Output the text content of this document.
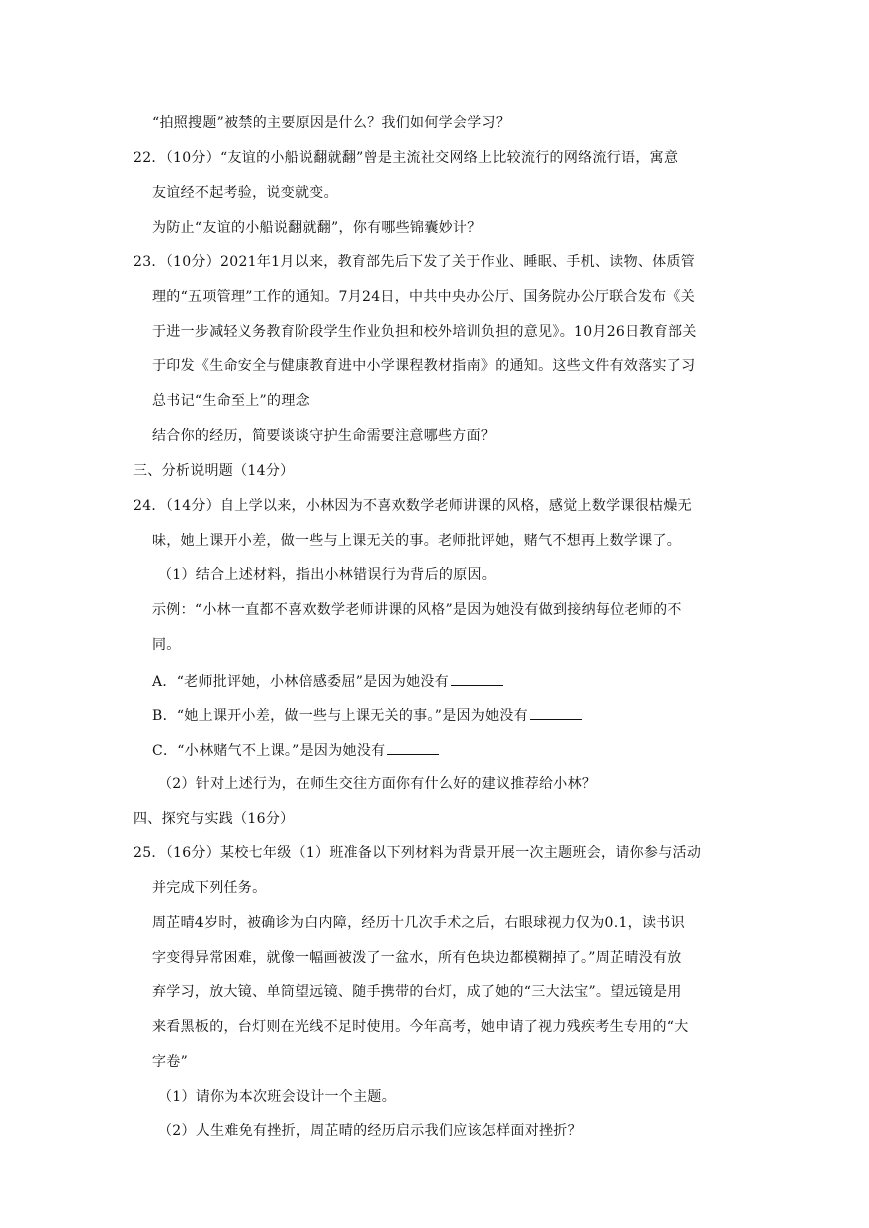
“拍照搜题”被禁的主要原因是什么？我们如何学会学习？
22．（10分）“友谊的小船说翻就翻”曾是主流社交网络上比较流行的网络流行语，寓意
友谊经不起考验，说变就变。
为防止“友谊的小船说翻就翻”，你有哪些锦囊妙计？
23．（10分）2021年1月以来，教育部先后下发了关于作业、睡眠、手机、读物、体质管
理的“五项管理”工作的通知。7月24日，中共中央办公厅、国务院办公厅联合发布《关
于进一步减轻义务教育阶段学生作业负担和校外培训负担的意见》。10月26日教育部关
于印发《生命安全与健康教育进中小学课程教材指南》的通知。这些文件有效落实了习
总书记“生命至上”的理念
结合你的经历，简要谈谈守护生命需要注意哪些方面？
三、分析说明题（14分）
24．（14分）自上学以来，小林因为不喜欢数学老师讲课的风格，感觉上数学课很枯燥无
味，她上课开小差，做一些与上课无关的事。老师批评她，赌气不想再上数学课了。
（1）结合上述材料，指出小林错误行为背后的原因。
示例：“小林一直都不喜欢数学老师讲课的风格”是因为她没有做到接纳每位老师的不
同。
A．“老师批评她，小林倍感委屈”是因为她没有
B．“她上课开小差，做一些与上课无关的事。”是因为她没有
C．“小林赌气不上课。”是因为她没有
（2）针对上述行为，在师生交往方面你有什么好的建议推荐给小林？
四、探究与实践（16分）
25．（16分）某校七年级（1）班准备以下列材料为背景开展一次主题班会，请你参与活动
并完成下列任务。
周芷晴4岁时，被确诊为白内障，经历十几次手术之后，右眼球视力仅为0.1，读书识
字变得异常困难，就像一幅画被泼了一盆水，所有色块边都模糊掉了。”周芷晴没有放
弃学习，放大镜、单筒望远镜、随手携带的台灯，成了她的“三大法宝”。望远镜是用
来看黑板的，台灯则在光线不足时使用。今年高考，她申请了视力残疾考生专用的“大
字卷”
（1）请你为本次班会设计一个主题。
（2）人生难免有挫折，周芷晴的经历启示我们应该怎样面对挫折？
